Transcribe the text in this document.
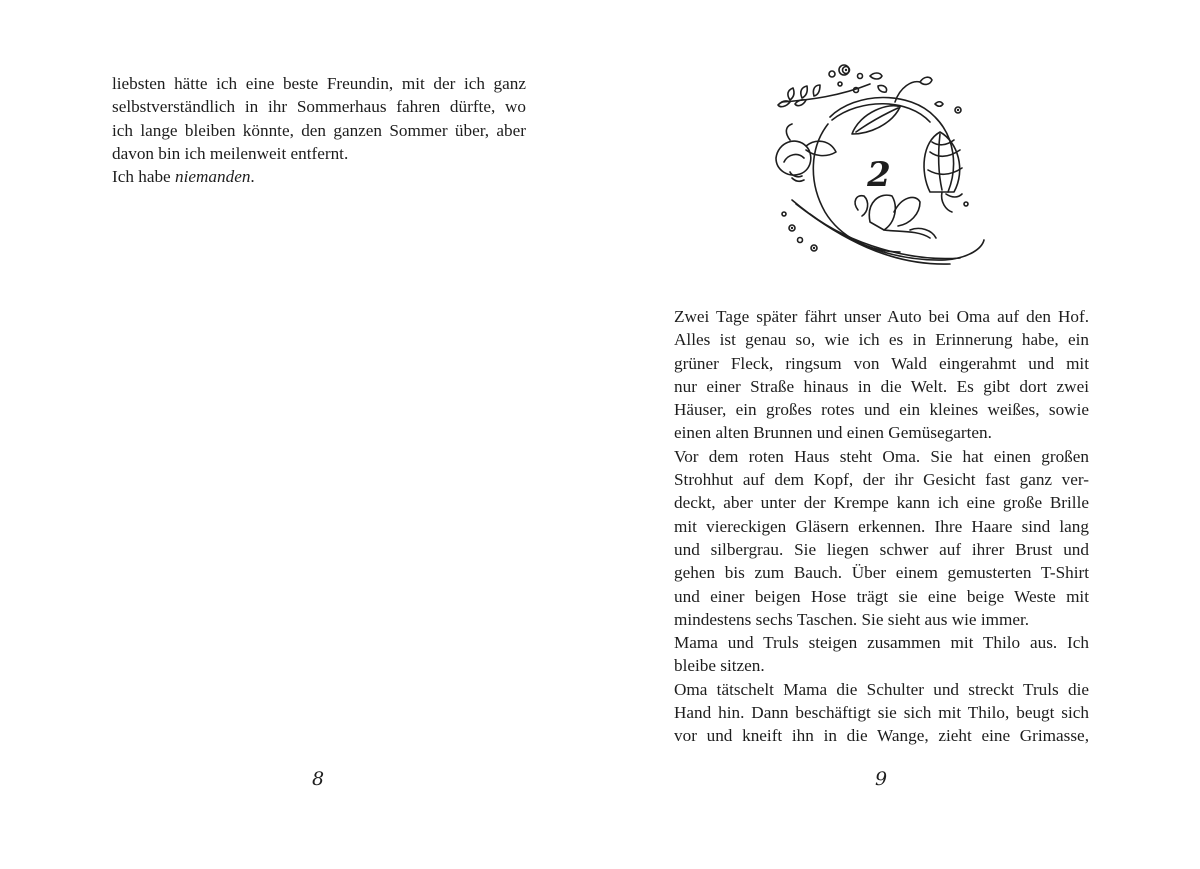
liebsten hätte ich eine beste Freundin, mit der ich ganz
selbstverständlich in ihr Sommerhaus fahren dürfte, wo
ich lange bleiben könnte, den ganzen Sommer über, aber
davon bin ich meilenweit entfernt.

Ich habe niemanden.

8
2

Zwei Tage später fährt unser Auto bei Oma auf den Hof.
Alles ist genau so, wie ich es in Erinnerung habe, ein
grüner Fleck, ringsum von Wald eingerahmt und mit
nur einer Straße hinaus in die Welt. Es gibt dort zwei
Häuser, ein großes rotes und ein kleines weißes, sowie
einen alten Brunnen und einen Gemüsegarten.

Vor dem roten Haus steht Oma. Sie hat einen großen
Strohhut auf dem Kopf, der ihr Gesicht fast ganz ver-
deckt, aber unter der Krempe kann ich eine große Brille
mit viereckigen Gläsern erkennen. Ihre Haare sind lang
und silbergrau. Sie liegen schwer auf ihrer Brust und
gehen bis zum Bauch. Über einem gemusterten T-Shirt
und einer beigen Hose trägt sie eine beige Weste mit
mindestens sechs Taschen. Sie sieht aus wie immer.

Mama und Truls steigen zusammen mit Thilo aus. Ich
bleibe sitzen.

Oma tätschelt Mama die Schulter und streckt Truls die
Hand hin. Dann beschäftigt sie sich mit Thilo, beugt sich
vor und kneift ihn in die Wange, zieht eine Grimasse,

9
